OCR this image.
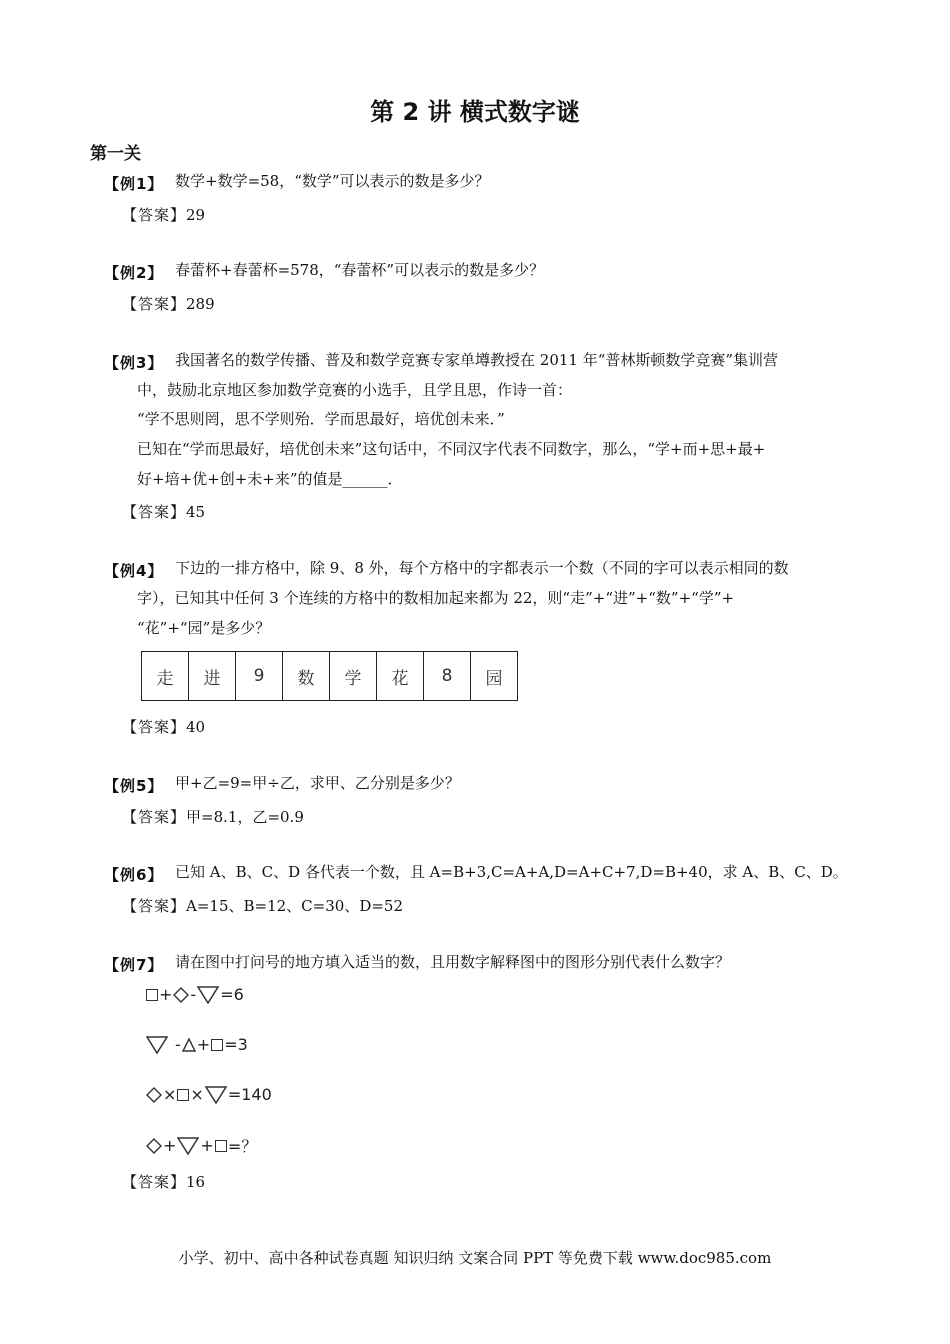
第 2 讲 横式数字谜
第一关
【例1】 数学+数学=58，“数学”可以表示的数是多少？
【答案】29
【例2】 春蕾杯+春蕾杯=578，“春蕾杯”可以表示的数是多少？
【答案】289
【例3】 我国著名的数学传播、普及和数学竞赛专家单墫教授在 2011 年“普林斯顿数学竞赛”集训营
中，鼓励北京地区参加数学竞赛的小选手，且学且思，作诗一首：
“学不思则罔，思不学则殆．学而思最好，培优创未来．”
已知在“学而思最好，培优创未来”这句话中，不同汉字代表不同数字，那么，“学+而+思+最+
好+培+优+创+未+来”的值是______．
【答案】45
【例4】 下边的一排方格中，除 9、8 外，每个方格中的字都表示一个数（不同的字可以表示相同的数
字），已知其中任何 3 个连续的方格中的数相加起来都为 22，则“走”+“进”+“数”+“学”+
“花”+“园”是多少？
走	进	9	数	学	花	8	园
【答案】40
【例5】 甲+乙=9=甲÷乙，求甲、乙分别是多少？
【答案】甲=8.1，乙=0.9
【例6】 已知 A、B、C、D 各代表一个数，且 A=B+3,C=A+A,D=A+C+7,D=B+40，求 A、B、C、D。
【答案】A=15、B=12、C=30、D=52
【例7】 请在图中打问号的地方填入适当的数，且用数字解释图中的图形分别代表什么数字？
+ - =6
- + =3
× × =140
+ + =？
【答案】16
小学、初中、高中各种试卷真题 知识归纳 文案合同 PPT 等免费下载 www.doc985.com
